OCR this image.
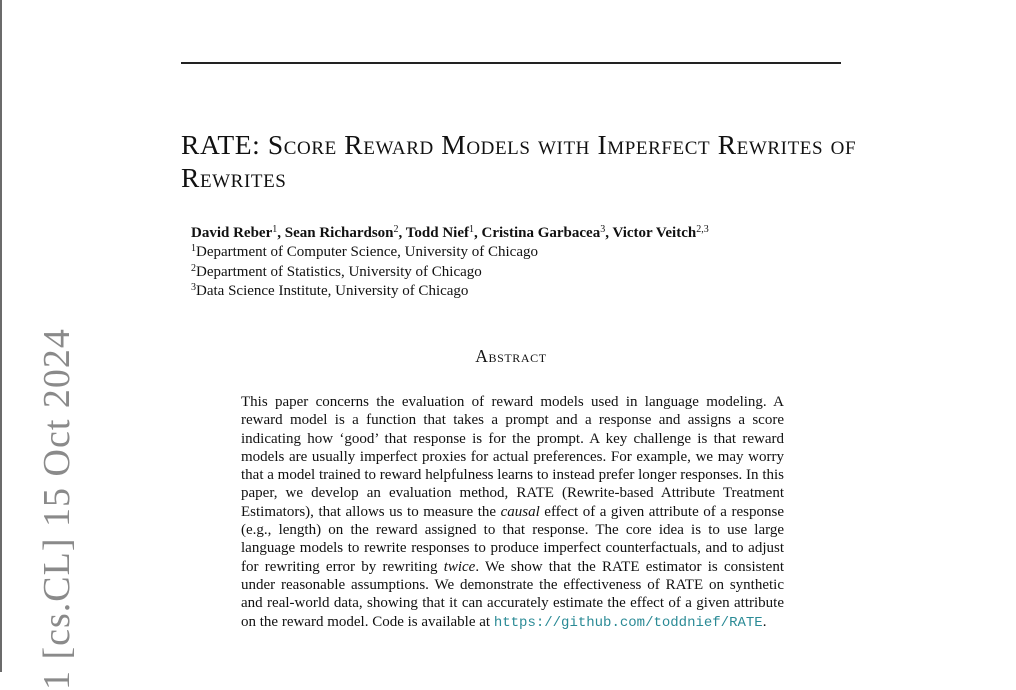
1 [cs.CL] 15 Oct 2024
RATE: Score Reward Models with Imperfect Rewrites of Rewrites
David Reber$^1$, Sean Richardson$^2$, Todd Nief$^1$, Cristina Garbacea$^3$, Victor Veitch$^{2,3}$
$^1$Department of Computer Science, University of Chicago
$^2$Department of Statistics, University of Chicago
$^3$Data Science Institute, University of Chicago
Abstract

This paper concerns the evaluation of reward models used in language modeling. A reward model is a function that takes a prompt and a response and assigns a score indicating how ‘good’ that response is for the prompt. A key challenge is that reward models are usually imperfect proxies for actual preferences. For example, we may worry that a model trained to reward helpfulness learns to instead prefer longer responses. In this paper, we develop an evaluation method, RATE (Rewrite-based Attribute Treatment Estimators), that allows us to measure the causal effect of a given attribute of a response (e.g., length) on the reward assigned to that response. The core idea is to use large language models to rewrite responses to produce imperfect counterfactuals, and to adjust for rewriting error by rewriting twice. We show that the RATE estimator is consistent under reasonable assumptions. We demonstrate the effectiveness of RATE on synthetic and real-world data, showing that it can accurately estimate the effect of a given attribute on the reward model. Code is available at https://github.com/toddnief/RATE.
